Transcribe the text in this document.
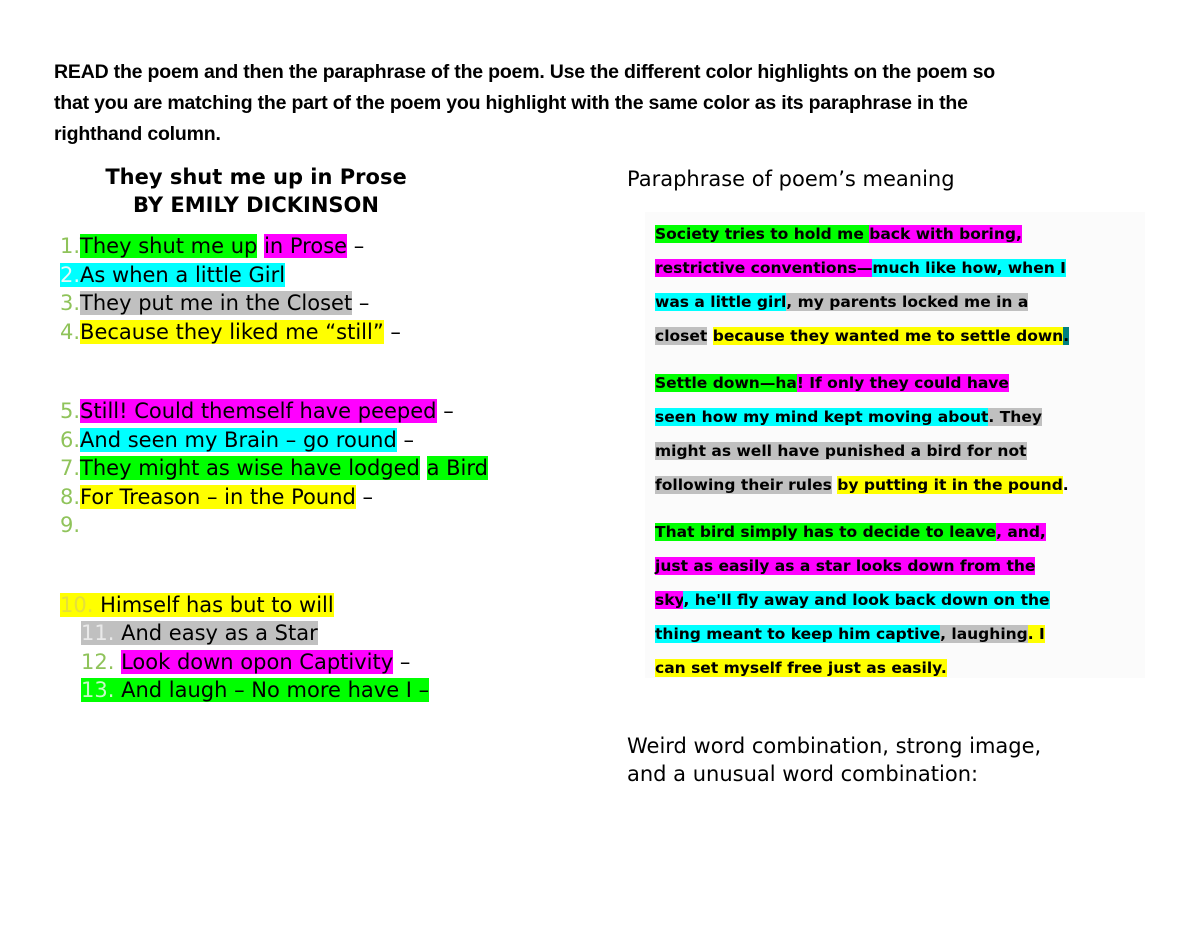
READ the poem and then the paraphrase of the poem. Use the different color highlights on the poem so
that you are matching the part of the poem you highlight with the same color as its paraphrase in the
righthand column.
They shut me up in Prose
BY EMILY DICKINSON
1.They shut me up in Prose –
2.As when a little Girl
3.They put me in the Closet –
4.Because they liked me “still” –
5.Still! Could themself have peeped –
6.And seen my Brain – go round –
7.They might as wise have lodged a Bird
8.For Treason – in the Pound –
9.
10. Himself has but to will
11. And easy as a Star
12. Look down opon Captivity –
13. And laugh – No more have I –
Paraphrase of poem’s meaning
Society tries to hold me back with boring,
restrictive conventions—much like how, when I
was a little girl, my parents locked me in a
closet because they wanted me to settle down.
Settle down—ha! If only they could have
seen how my mind kept moving about. They
might as well have punished a bird for not
following their rules by putting it in the pound.
That bird simply has to decide to leave, and,
just as easily as a star looks down from the
sky, he'll fly away and look back down on the
thing meant to keep him captive, laughing. I
can set myself free just as easily.
Weird word combination, strong image,
and a unusual word combination:
